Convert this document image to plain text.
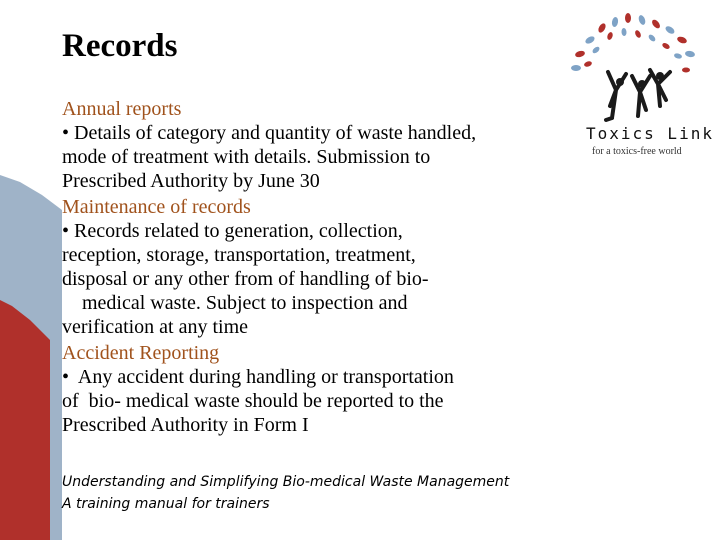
Records
Annual reports
• Details of category and quantity of waste handled,
mode of treatment with details. Submission to
Prescribed Authority by June 30
Maintenance of records
• Records related to generation, collection,
reception, storage, transportation, treatment,
disposal or any other from of handling of bio-
medical waste. Subject to inspection and
verification at any time
Accident Reporting
•  Any accident during handling or transportation
of  bio- medical waste should be reported to the
Prescribed Authority in Form I
Understanding and Simplifying Bio-medical Waste Management
A training manual for trainers
Toxics Link
for a toxics-free world
